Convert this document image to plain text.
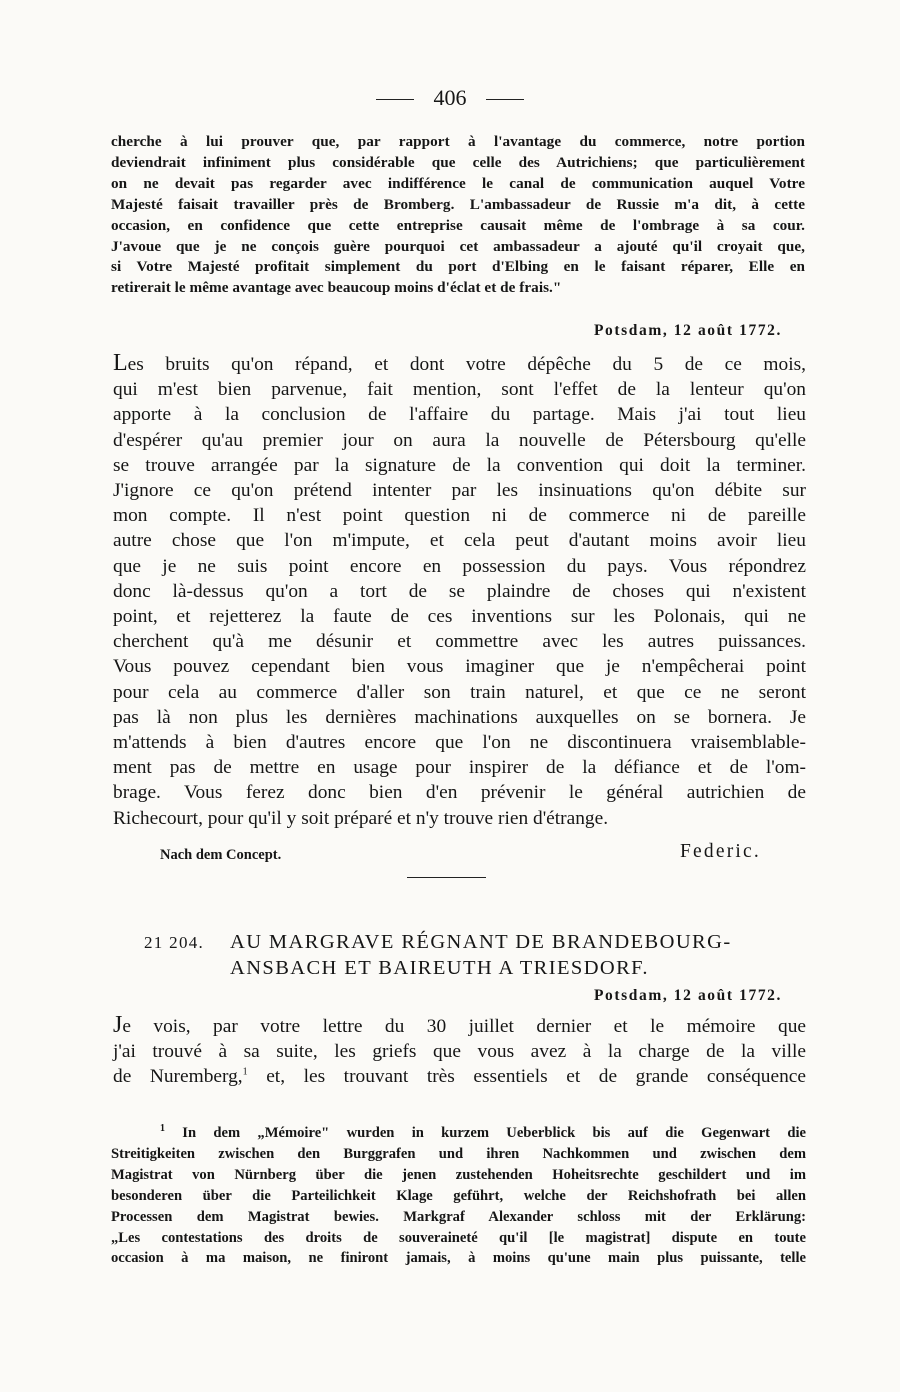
406
cherche à lui prouver que, par rapport à l'avantage du commerce, notre portion
deviendrait infiniment plus considérable que celle des Autrichiens; que particulièrement
on ne devait pas regarder avec indifférence le canal de communication auquel Votre
Majesté faisait travailler près de Bromberg. L'ambassadeur de Russie m'a dit, à cette
occasion, en confidence que cette entreprise causait même de l'ombrage à sa cour.
J'avoue que je ne conçois guère pourquoi cet ambassadeur a ajouté qu'il croyait que,
si Votre Majesté profitait simplement du port d'Elbing en le faisant réparer, Elle en
retirerait le même avantage avec beaucoup moins d'éclat et de frais."
Potsdam, 12 août 1772.
Les bruits qu'on répand, et dont votre dépêche du 5 de ce mois,
qui m'est bien parvenue, fait mention, sont l'effet de la lenteur qu'on
apporte à la conclusion de l'affaire du partage. Mais j'ai tout lieu
d'espérer qu'au premier jour on aura la nouvelle de Pétersbourg qu'elle
se trouve arrangée par la signature de la convention qui doit la terminer.
J'ignore ce qu'on prétend intenter par les insinuations qu'on débite sur
mon compte. Il n'est point question ni de commerce ni de pareille
autre chose que l'on m'impute, et cela peut d'autant moins avoir lieu
que je ne suis point encore en possession du pays. Vous répondrez
donc là-dessus qu'on a tort de se plaindre de choses qui n'existent
point, et rejetterez la faute de ces inventions sur les Polonais, qui ne
cherchent qu'à me désunir et commettre avec les autres puissances.
Vous pouvez cependant bien vous imaginer que je n'empêcherai point
pour cela au commerce d'aller son train naturel, et que ce ne seront
pas là non plus les dernières machinations auxquelles on se bornera. Je
m'attends à bien d'autres encore que l'on ne discontinuera vraisemblable-
ment pas de mettre en usage pour inspirer de la défiance et de l'om-
brage. Vous ferez donc bien d'en prévenir le général autrichien de
Richecourt, pour qu'il y soit préparé et n'y trouve rien d'étrange.
Nach dem Concept.	Federic.
21 204. AU MARGRAVE RÉGNANT DE BRANDEBOURG-
ANSBACH ET BAIREUTH A TRIESDORF.
Potsdam, 12 août 1772.
Je vois, par votre lettre du 30 juillet dernier et le mémoire que
j'ai trouvé à sa suite, les griefs que vous avez à la charge de la ville
de Nuremberg,$^1$ et, les trouvant très essentiels et de grande conséquence
$^1$ In dem „Mémoire" wurden in kurzem Ueberblick bis auf die Gegenwart die
Streitigkeiten zwischen den Burggrafen und ihren Nachkommen und zwischen dem
Magistrat von Nürnberg über die jenen zustehenden Hoheitsrechte geschildert und im
besonderen über die Parteilichkeit Klage geführt, welche der Reichshofrath bei allen
Processen dem Magistrat bewies. Markgraf Alexander schloss mit der Erklärung:
„Les contestations des droits de souveraineté qu'il [le magistrat] dispute en toute
occasion à ma maison, ne finiront jamais, à moins qu'une main plus puissante, telle
